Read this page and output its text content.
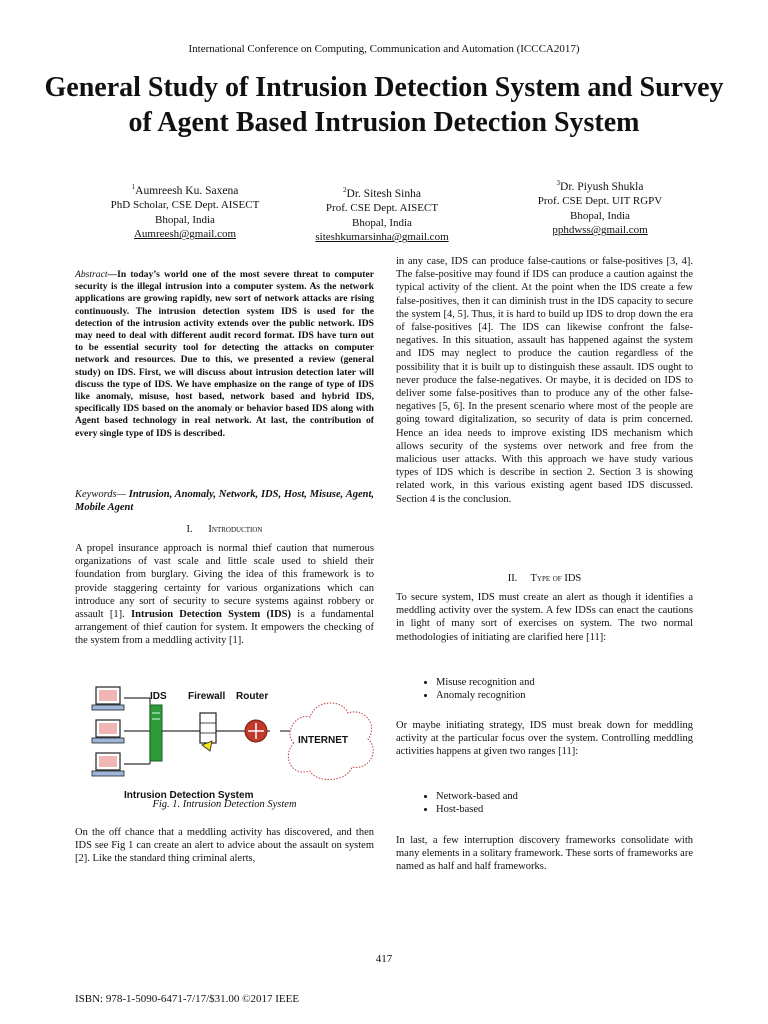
International Conference on Computing, Communication and Automation (ICCCA2017)
General Study of Intrusion Detection System and Survey of Agent Based Intrusion Detection System
$^1$Aumreesh Ku. Saxena
PhD Scholar, CSE Dept. AISECT
Bhopal, India
Aumreesh@gmail.com
$^2$Dr. Sitesh Sinha
Prof. CSE Dept. AISECT
Bhopal, India
siteshkumarsinha@gmail.com
$^3$Dr. Piyush Shukla
Prof. CSE Dept. UIT RGPV
Bhopal, India
pphdwss@gmail.com
Abstract—In today’s world one of the most severe threat to computer security is the illegal intrusion into a computer system. As the network applications are growing rapidly, new sort of network attacks are rising continuously. The intrusion detection system IDS is used for the detection of the intrusion activity extends over the public network. IDS may need to deal with different audit record format. IDS have turn out to be essential security tool for detecting the attacks on computer network and resources. Due to this, we presented a review (general study) on IDS. First, we will discuss about intrusion detection later will discuss the type of IDS. We have emphasize on the range of type of IDS like anomaly, misuse, host based, network based and hybrid IDS, specifically IDS based on the anomaly or behavior based IDS along with Agent based technology in real network. At last, the contribution of every single type of IDS is described.
Keywords— Intrusion, Anomaly, Network, IDS, Host, Misuse, Agent, Mobile Agent
I. Introduction
A propel insurance approach is normal thief caution that numerous organizations of vast scale and little scale used to shield their foundation from burglary. Giving the idea of this framework is to provide staggering certainty for various organizations which can introduce any sort of security to secure systems against robbery or assault [1]. Intrusion Detection System (IDS) is a fundamental arrangement of thief caution for system. It empowers the checking of the system from a meddling activity [1].
INTERNET
IDS Firewall Router
Intrusion Detection System
Fig. 1. Intrusion Detection System
On the off chance that a meddling activity has discovered, and then IDS see Fig 1 can create an alert to advice about the assault on system [2]. Like the standard thing criminal alerts,
in any case, IDS can produce false-cautions or false-positives [3, 4]. The false-positive may found if IDS can produce a caution against the typical activity of the client. At the point when the IDS create a few false-positives, then it can diminish trust in the IDS capacity to secure the system [4, 5]. Thus, it is hard to build up IDS to drop down the era of false-positives [4]. The IDS can likewise confront the false-negatives. In this situation, assault has happened against the system and IDS may neglect to produce the caution regardless of the possibility that it is built up to distinguish these assault. IDS ought to never produce the false-negatives. Or maybe, it is decided on IDS to deliver some false-positives than to produce any of the other false-negatives [5, 6]. In the present scenario where most of the people are going toward digitalization, so security of data is prim concerned. Hence an idea needs to improve existing IDS mechanism which allows security of the systems over network and free from the malicious user attacks. With this approach we have study various types of IDS which is describe in section 2. Section 3 is showing related work, in this various existing agent based IDS discussed. Section 4 is the conclusion.
II. Type of IDS
To secure system, IDS must create an alert as though it identifies a meddling activity over the system. A few IDSs can enact the cautions in light of many sort of exercises on system. The two normal methodologies of initiating are clarified here [11]:
• Misuse recognition and
• Anomaly recognition
Or maybe initiating strategy, IDS must break down for meddling activity at the particular focus over the system. Controlling meddling activities happens at given two ranges [11]:
• Network-based and
• Host-based
In last, a few interruption discovery frameworks consolidate with many elements in a solitary framework. These sorts of frameworks are named as half and half frameworks.
417
ISBN: 978-1-5090-6471-7/17/$31.00 ©2017 IEEE
